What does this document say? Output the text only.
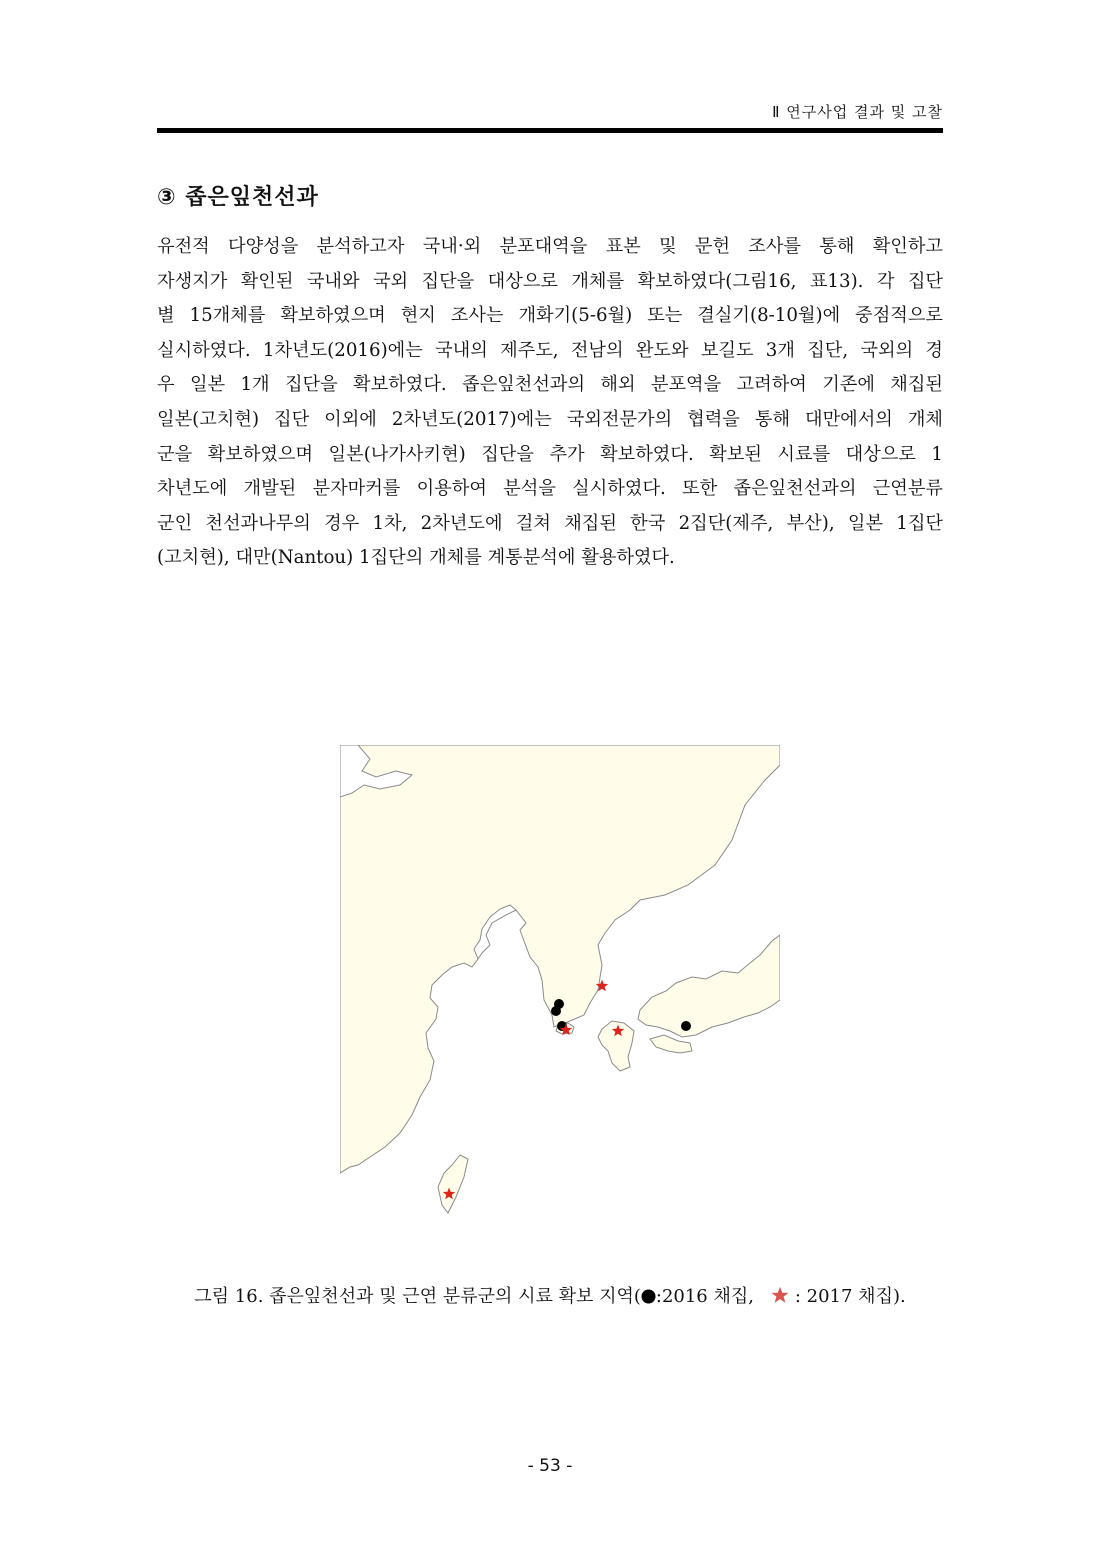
Ⅱ 연구사업 결과 및 고찰
③ 좁은잎천선과
유전적 다양성을 분석하고자 국내·외 분포대역을 표본 및 문헌 조사를 통해 확인하고
자생지가 확인된 국내와 국외 집단을 대상으로 개체를 확보하였다(그림16, 표13). 각 집단
별 15개체를 확보하였으며 현지 조사는 개화기(5-6월) 또는 결실기(8-10월)에 중점적으로
실시하였다. 1차년도(2016)에는 국내의 제주도, 전남의 완도와 보길도 3개 집단, 국외의 경
우 일본 1개 집단을 확보하였다. 좁은잎천선과의 해외 분포역을 고려하여 기존에 채집된
일본(고치현) 집단 이외에 2차년도(2017)에는 국외전문가의 협력을 통해 대만에서의 개체
군을 확보하였으며 일본(나가사키현) 집단을 추가 확보하였다. 확보된 시료를 대상으로 1
차년도에 개발된 분자마커를 이용하여 분석을 실시하였다. 또한 좁은잎천선과의 근연분류
군인 천선과나무의 경우 1차, 2차년도에 걸쳐 채집된 한국 2집단(제주, 부산), 일본 1집단
(고치현), 대만(Nantou) 1집단의 개체를 계통분석에 활용하였다.
그림 16. 좁은잎천선과 및 근연 분류군의 시료 확보 지역( :2016 채집,    : 2017 채집).
- 53 -
